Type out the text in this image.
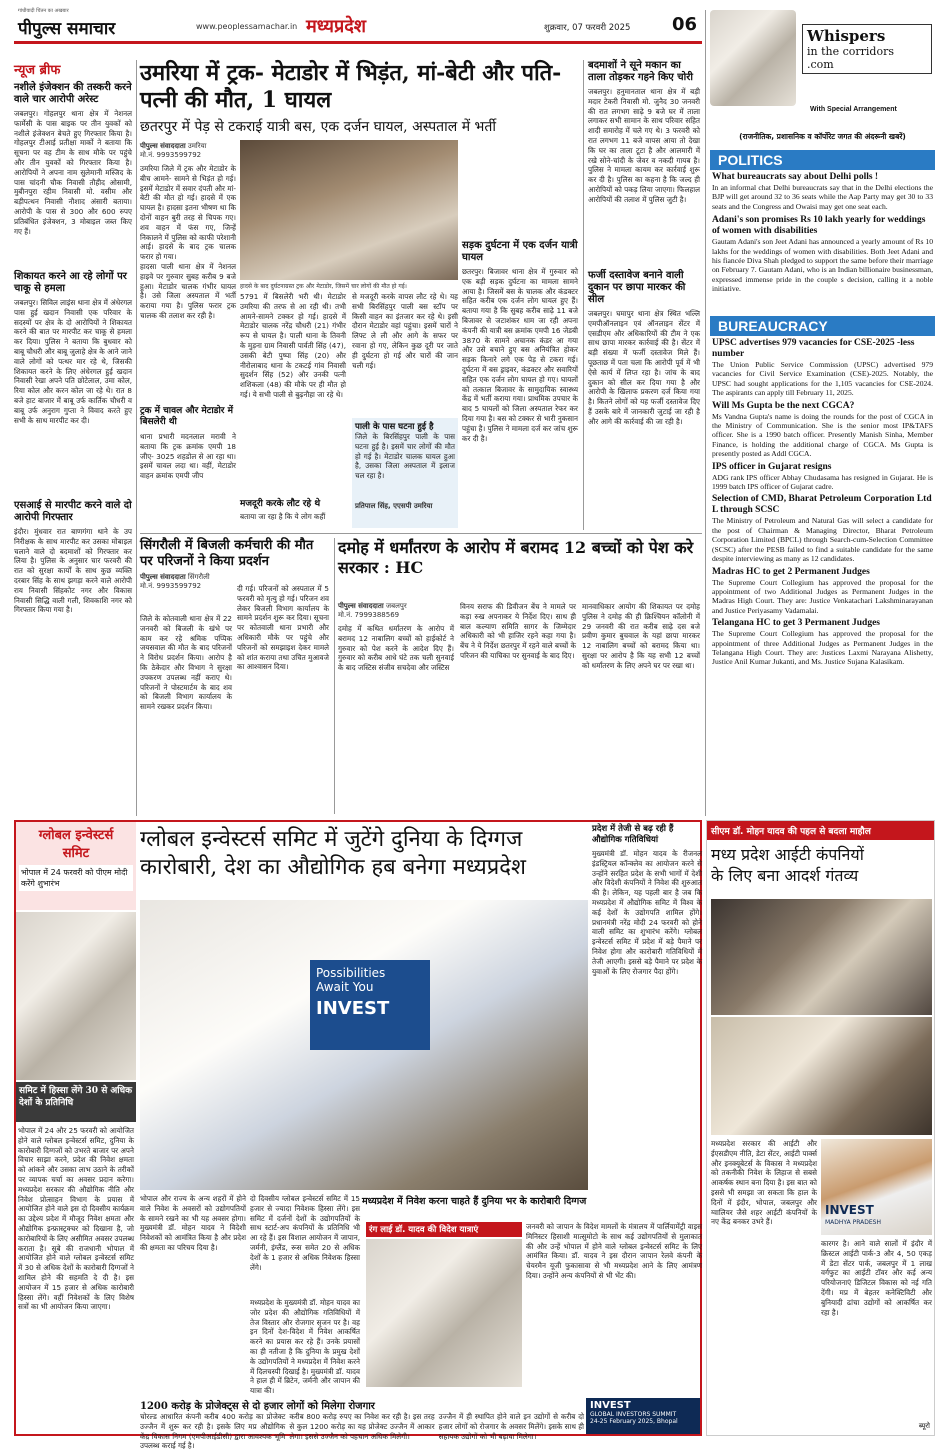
गांधीवादी चिंतन का अखबार
पीपुल्स समाचार	www.peoplessamachar.in मध्यप्रदेश	शुक्रवार, 07 फरवरी 2025 06
न्यूज ब्रीफ
नशीले इंजेक्शन की तस्करी करने वाले चार आरोपी अरेस्ट
जबलपुर। गोहलपुर थाना क्षेत्र में नेशनल फार्मेसी के पास बाइक पर तीन युवकों को नशीले इंजेक्शन बेचते हुए गिरफ्तार किया है। गोहलपुर टीआई प्रतीक्षा मार्को ने बताया कि सूचना पर वह टीम के साथ मौके पर पहुंचे और तीन युवकों को गिरफ्तार किया है। आरोपियों ने अपना नाम सुलेमानी मस्जिद के पास चांदनी चौक निवासी तौहीद ओसामी, मुबीनपुरा रहीम निवासी मो. वसीम और बड़ीपत्थन निवासी नौशाद अंसारी बताया। आरोपी के पास से 300 और 600 रुपए प्रतिबंधित इंजेक्शन, 3 मोबाइल जब्त किए गए हैं।
शिकायत करने आ रहे लोगों पर चाकू से हमला
जबलपुर। सिविल लाइंस थाना क्षेत्र में अंधेरगल पास हुई खदान निवासी एक परिवार के सदस्यों पर क्षेत्र के दो आरोपियों ने शिकायत करने की बात पर मारपीट कर चाकू से हमला कर दिया। पुलिस ने बताया कि बुधवार को बाबू चौधरी और बाबू जुलाहे क्षेत्र के आने जाने वाले लोगों को पत्थर मार रहे थे, जिसकी शिकायत करने के लिए अंधेरगल हुई खदान निवासी रेखा अपने पति छोटेलाल, उमा कोल, रिया कोल और करन कोल जा रहे थे। रात 8 बजे हाट बाजार में बाबू उर्फ कार्तिक चौधरी व बाबू उर्फ अनुराग गुप्ता ने विवाद करते हुए सभी के साथ मारपीट कर दी।
एसआई से मारपीट करने वाले दो आरोपी गिरफ्तार
इंदौर। मुंधवार रात बाणगंगा थाने के उप निरीक्षक के साथ मारपीट कर उसका मोबाइल चलाने वाले दो बदमाशों को गिरफ्तार कर लिया है। पुलिस के अनुसार चार फरवरी की रात को सुरक्षा कार्यों के साथ कुछ व्यक्ति दरबार सिंह के साथ झगड़ा करने वाले आरोपी राय निवासी सिंहकोट नगर और विकास निवासी सिद्धि वाली गली, शिवकाशि नगर को गिरफ्तार किया गया है।
उमरिया में ट्रक- मेटाडोर में भिड़ंत, मां-बेटी और पति-पत्नी की मौत, 1 घायल
छतरपुर में पेड़ से टकराई यात्री बस, एक दर्जन घायल, अस्पताल में भर्ती
हादसे के बाद दुर्घटनाग्रस्त ट्रक और मेटाडोर, जिसमें चार लोगों की मौत हो गई।
पीपुल्स संवाददाता उमरिया
मो.नं. 9993599792
उमरिया जिले में ट्रक और मेटाडोर के बीच आमने- सामने से भिड़ंत हो गई। इसमें मेटाडोर में सवार दंपती और मां-बेटी की मौत हो गई। हादसे में एक घायल है। हादसा इतना भीषण था कि दोनों वाहन बुरी तरह से चिपक गए। शव वाहन में फंस गए, जिन्हें निकालने में पुलिस को काफी परेशानी आई। हादसे के बाद ट्रक चालक फरार हो गया।
हादसा पाली थाना क्षेत्र में नेशनल हाइवे पर गुरुवार सुबह करीब 9 बजे हुआ। मेटाडोर चालक गंभीर घायल है। उसे जिला अस्पताल में भर्ती कराया गया है। पुलिस फरार ट्रक चालक की तलाश कर रही है।
ट्रक में चावल और मेटाडोर में बिसलेरी थी
थाना प्रभारी मदनलाल मरावी ने बताया कि ट्रक क्रमांक एमपी 18 जीए- 3025 शहडोल से आ रहा था। इसमें चावल लदा था। वहीं, मेटाडोर वाहन क्रमांक एमपी जीप
5791 में बिसलेरी भरी थी। मेटाडोर उमरिया की तरफ से आ रही थी। तभी आमने-सामने टक्कर हो गई। हादसे में मेटाडोर चालक नरेंद्र चौधरी (21) गंभीर रूप से घायल है। पाली थाना के तिवनी के मुड़ना ग्राम निवासी पार्वती सिंह (47), उसकी बेटी पुष्पा सिंह (20) और नीरोलाबाद थाना के टकटई गांव निवासी सुदर्शन सिंह (52) और उनकी पत्नी शशिकला (48) की मौके पर ही मौत हो गई। ये सभी पाली से बुढ़नौहा जा रहे थे।
मजदूरी करके लौट रहे थे
बताया जा रहा है कि ये लोग कहीं
से मजदूरी करके वापस लौट रहे थे। यह सभी बिरसिंहपुर पाली बस स्टॉप पर किसी वाहन का इंतजार कर रहे थे। इसी दौरान मेटाडोर वहां पहुंचा। इसमें चारों ने लिफ्ट ले ली और आगे के सफर पर रवाना हो गए, लेकिन कुछ दूरी पर जाते ही दुर्घटना हो गई और चारों की जान चली गई।
पाली के पास घटना हुई है
जिले के बिरसिंहपुर पाली के पास घटना हुई है। इसमें चार लोगों की मौत हो गई है। मेटाडोर चालक घायल हुआ है, उसका जिला अस्पताल में इलाज चल रहा है।
प्रतिपाल सिंह, एएसपी उमरिया
सड़क दुर्घटना में एक दर्जन यात्री घायल
छतरपुर। बिजावर थाना क्षेत्र में गुरुवार को एक बड़ी सड़क दुर्घटना का मामला सामने आया है। जिसमें बस के चालक और कंडक्टर सहित करीब एक दर्जन लोग घायल हुए हैं। बताया गया है कि सुबह करीब साढ़े 11 बजे बिजावर से जटाशंकर धाम जा रही अपना कंपनी की यात्री बस क्रमांक एमपी 16 जेडबी 3870 के सामने अचानक कंडर आ गया और उसे बचाने हुए बस अनियंत्रित होकर सड़क किनारे लगे एक पेड़ से टकरा गई। दुर्घटना में बस ड्राइवर, कंडक्टर और सवारियों सहित एक दर्जन लोग घायल हो गए। घायलों को तत्काल बिजावर के सामुदायिक स्वास्थ्य केंद्र में भर्ती कराया गया। प्राथमिक उपचार के बाद 5 घायलों को जिला अस्पताल रेफर कर दिया गया है। बस को टक्कर से भारी नुकसान पहुंचा है। पुलिस ने मामला दर्ज कर जांच शुरू कर दी है।
बदमाशों ने सूने मकान का ताला तोड़कर गहने किए चोरी
जबलपुर। हनुमानताल थाना क्षेत्र में बड़ी मदार टेकरी निवासी मो. जुनैद 30 जनवरी की रात लगभग साढ़े 9 बजे घर में ताला लगाकर सभी सामान के साथ परिवार सहित शादी समारोह में चले गए थे। 3 फरवरी को रात लगभग 11 बजे वापस आया तो देखा कि घर का ताला टूटा है और आलमारी में रखे सोने-चांदी के जेवर व नकदी गायब है। पुलिस ने मामला कायम कर कार्रवाई शुरू कर दी है। पुलिस का कहना है कि जल्द ही आरोपियों को पकड़ लिया जाएगा। फिलहाल आरोपियों की तलाश में पुलिस जुटी है।
फर्जी दस्तावेज बनाने वाली दुकान पर छापा मारकर की सील
जबलपुर। घमापुर थाना क्षेत्र स्थित भल्लि एमपीऑनलाइन एवं ऑनलाइन सेंटर में एसडीएम और अधिकारियों की टीम ने एक साथ छापा मारकर कार्रवाई की है। सेंटर में बड़ी संख्या में फर्जी दस्तावेज मिले हैं। पूछताछ में पता चला कि आरोपी पूर्व में भी ऐसे कार्य में लिप्त रहा है। जांच के बाद दुकान को सील कर दिया गया है और आरोपी के खिलाफ प्रकरण दर्ज किया गया है। कितने लोगों को यह फर्जी दस्तावेज दिए हैं उसके बारे में जानकारी जुटाई जा रही है और आगे की कार्रवाई की जा रही है।
सिंगरौली में बिजली कर्मचारी की मौत पर परिजनों ने किया प्रदर्शन
पीपुल्स संवाददाता सिंगरौली
मो.नं. 9993599792
जिले के कोतवाली थाना क्षेत्र में 22 जनवरी को बिजली के खंभे पर काम कर रहे श्रमिक पप्पिक जयसवाल की मौत के बाद परिजनों ने विरोध प्रदर्शन किया। आरोप है कि ठेकेदार और विभाग ने सुरक्षा उपकरण उपलब्ध नहीं कराए थे। परिजनों ने पोस्टमार्टम के बाद शव को बिजली विभाग कार्यालय के सामने रखकर प्रदर्शन किया।
दी गई। परिजनों को अस्पताल में 5 फरवरी को मृत्यु हो गई। परिजन शव लेकर बिजली विभाग कार्यालय के सामने प्रदर्शन शुरू कर दिया। सूचना पर कोतवाली थाना प्रभारी और अधिकारी मौके पर पहुंचे और परिजनों को समझाइश देकर मामले को शांत कराया तथा उचित मुआवजे का आश्वासन दिया।
दमोह में धर्मांतरण के आरोप में बरामद 12 बच्चों को पेश करे सरकार : HC
पीपुल्स संवाददाता जबलपुर
मो.नं. 7999388569
दमोह में कथित धर्मांतरण के आरोप में बरामद 12 नाबालिग बच्चों को हाईकोर्ट ने गुरुवार को पेश करने के आदेश दिए हैं। गुरुवार को करीब आधे घंटे तक चली सुनवाई के बाद जस्टिस संजीव सचदेवा और जस्टिस
विनय सराफ की डिवीजन बेंच ने मामले पर कड़ा रुख अपनाकर ये निर्देश दिए। साथ ही बाल कल्याण समिति सागर के जिम्मेदार अधिकारी को भी हाजिर रहने कहा गया है। बेंच ने ये निर्देश छतरपुर में रहने वाले बच्चों के परिजन की याचिका पर सुनवाई के बाद दिए।
मानवाधिकार आयोग की शिकायत पर दमोह पुलिस ने दमोह की ही क्रिश्चियन कॉलोनी में 29 जनवरी की रात करीब साढ़े दस बजे प्रवीण कुमार बुचवाल के यहां छापा मारकर 12 नाबालिग बच्चों को बरामद किया था। सुरक्षा पर आरोप है कि यह सभी 12 बच्चों को धर्मांतरण के लिए अपने घर पर रखा था।
Whispers
in the corridors
.com
With Special Arrangement
(राजनीतिक, प्रशासनिक व कॉर्पोरेट जगत की अंदरूनी खबरें)
POLITICS
What bureaucrats say about Delhi polls !
In an informal chat Delhi bureaucrats say that in the Delhi elections the BJP will get around 32 to 36 seats while the Aap Party may get 30 to 33 seats and the Congress and Owaisi may get one seat each.
Adani's son promises Rs 10 lakh yearly for weddings of women with disabilities
Gautam Adani's son Jeet Adani has announced a yearly amount of Rs 10 lakhs for the weddings of women with disabilities. Both Jeet Adani and his fiancée Diva Shah pledged to support the same before their marriage on February 7. Gautam Adani, who is an Indian billionaire businessman, expressed immense pride in the couple s decision, calling it a noble initiative.
BUREAUCRACY
UPSC advertises 979 vacancies for CSE-2025 -less number
The Union Public Service Commission (UPSC) advertised 979 vacancies for Civil Service Examination (CSE)-2025. Notably, the UPSC had sought applications for the 1,105 vacancies for CSE-2024. The aspirants can apply till February 11, 2025.
Will Ms Gupta be the next CGCA?
Ms Vandna Gupta's name is doing the rounds for the post of CGCA in the Ministry of Communication. She is the senior most IP&TAFS officer. She is a 1990 batch officer. Presently Manish Sinha, Member Finance, is holding the additional charge of CGCA. Ms Gupta is presently posted as Addl CGCA.
IPS officer in Gujarat resigns
ADG rank IPS officer Abhay Chudasama has resigned in Gujarat. He is 1999 batch IPS officer of Gujarat cadre.
Selection of CMD, Bharat Petroleum Corporation Ltd L through SCSC
The Ministry of Petroleum and Natural Gas will select a candidate for the post of Chairman & Managing Director, Bharat Petroleum Corporation Limited (BPCL) through Search-cum-Selection Committee (SCSC) after the PESB failed to find a suitable candidate for the same despite interviewing as many as 12 candidates.
Madras HC to get 2 Permanent Judges
The Supreme Court Collegium has approved the proposal for the appointment of two Additional Judges as Permanent Judges in the Madras High Court. They are: Justice Venkatachari Lakshminarayanan and Justice Periyasamy Vadamalai.
Telangana HC to get 3 Permanent Judges
The Supreme Court Collegium has approved the proposal for the appointment of three Additional Judges as Permanent Judges in the Telangana High Court. They are: Justices Laxmi Narayana Alishetty, Justice Anil Kumar Jukanti, and Ms. Justice Sujana Kalasikam.
ग्लोबल इन्वेस्टर्स
समिट
भोपाल में 24 फरवरी को पीएम मोदी करेंगे शुभारंभ
समिट में हिस्सा लेंगे 30 से अधिक देशों के प्रतिनिधि
भोपाल में 24 और 25 फरवरी को आयोजित होने वाले ग्लोबल इन्वेस्टर्स समिट, दुनिया के कारोबारी दिग्गजों को उभरते बाजार पर अपने विचार साझा करने, प्रदेश की निवेश क्षमता को आंकने और उसका लाभ उठाने के तरीकों पर व्यापक चर्चा का अवसर प्रदान करेगा। मध्यप्रदेश सरकार की औद्योगिक नीति और निवेश प्रोत्साहन विभाग के प्रयास में आयोजित होने वाले इस दो दिवसीय कार्यक्रम का उद्देश्य प्रदेश में मौजूद निवेश क्षमता और औद्योगिक इन्फ्रास्ट्रक्चर को दिखाना है, जो कारोबारियों के लिए असीमित अवसर उपलब्ध कराता है। सूबे की राजधानी भोपाल में आयोजित होने वाले ग्लोबल इन्वेस्टर्स समिट में 30 से अधिक देशों के कारोबारी दिग्गजों ने शामिल होने की सहमति दे दी है। इस आयोजन में 15 हजार से अधिक कारोबारी हिस्सा लेंगे। वहीं निवेशकों के लिए विशेष सत्रों का भी आयोजन किया जाएगा।
ग्लोबल इन्वेस्टर्स समिट में जुटेंगे दुनिया के दिग्गज
कारोबारी, देश का औद्योगिक हब बनेगा मध्यप्रदेश
Possibilities
Await You
INVEST
प्रदेश में तेजी से बढ़ रही हैं औद्योगिक गतिविधियां
मुख्यमंत्री डॉ. मोहन यादव के रीजनल इंडस्ट्रियल कॉन्क्लेव का आयोजन करने से उन्होंने सरहित प्रदेश के सभी भागों में देशी और विदेशी कंपनियों ने निवेश की शुरुआत की है। लेकिन, यह पहली बार है जब कि मध्यप्रदेश में औद्योगिक समिट में विश्व के कई देशों के उद्योगपति शामिल होंगे। प्रधानमंत्री नरेंद्र मोदी 24 फरवरी को होने वाली समिट का शुभारंभ करेंगे। ग्लोबल इन्वेस्टर्स समिट में प्रदेश में बड़े पैमाने पर निवेश होगा और कारोबारी गतिविधियों में तेजी आएगी। इससे बड़े पैमाने पर प्रदेश के युवाओं के लिए रोजगार पैदा होंगे।
भोपाल और राज्य के अन्य शहरों में होने वाले निवेश के अवसरों को उद्योगपतियों के सामने रखने का भी यह अवसर होगा। मुख्यमंत्री डॉ. मोहन यादव ने विदेशी निवेशकों को आमंत्रित किया है और प्रदेश की क्षमता का परिचय दिया है।
दो दिवसीय ग्लोबल इन्वेस्टर्स समिट में 15 हजार से ज्यादा निवेशक हिस्सा लेंगे। इस समिट में दर्जनों देशों के उद्योगपतियों के साथ स्टार्ट-अप कंपनियों के प्रतिनिधि भी आ रहे हैं। इस विशाल आयोजन में जापान, जर्मनी, इंग्लैंड, रूस समेत 20 से अधिक देशों के 1 हजार से अधिक निवेशक हिस्सा लेंगे।
मध्यप्रदेश में निवेश करना चाहते हैं दुनिया भर के कारोबारी दिग्गज
मध्यप्रदेश के मुख्यमंत्री डॉ. मोहन यादव का जोर प्रदेश की औद्योगिक गतिविधियों में तेज विस्तार और रोजगार सृजन पर है। वह इन दिनों देश-विदेश में निवेश आकर्षित करने का प्रयास कर रहे हैं। उनके प्रयासों का ही नतीजा है कि दुनिया के प्रमुख देशों के उद्योगपतियों ने मध्यप्रदेश में निवेश करने में दिलचस्पी दिखाई है। मुख्यमंत्री डॉ. यादव ने हाल ही में ब्रिटेन, जर्मनी और जापान की यात्रा की।
रंग लाई डॉ. यादव की विदेश यात्राएं	जनवरी को जापान के विदेश मामलों के मंत्रालय में पार्लियामेंट्री वाइस मिनिस्टर हिसाशी मात्सुमोटो के साथ कई उद्योगपतियों से मुलाकात की और उन्हें भोपाल में होने वाले ग्लोबल इन्वेस्टर्स समिट के लिए आमंत्रित किया। डॉ. यादव ने इस दौरान जापान रेलवे कंपनी के चेयरमैन यूजी फुकासावा से भी मध्यप्रदेश आने के लिए आमंत्रण दिया। उन्होंने अन्य कंपनियों से भी भेंट की।
1200 करोड़ के प्रोजेक्ट्स से दो हजार लोगों को मिलेगा रोजगार
चोरल्ड आधारित कंपनी करीब 400 करोड़ का प्रोजेक्ट उज्जैन में शुरू कर रही है। इसके लिए मप्र औद्योगिक केंद्र विकास निगम (एमपीआईडीसी) द्वारा आवश्यक भूमि उपलब्ध कराई गई है।
करीब 800 करोड़ रुपए का निवेश कर रही है। इस तरह से कुल 1200 करोड़ का यह प्रोजेक्ट उज्जैन में आकार लेगा। इससे उज्जैन को पहचान अधिक मिलेगी।
उज्जैन में ही स्थापित होने वाले इन उद्योगों से करीब दो हजार लोगों को रोजगार के अवसर मिलेंगे। इसके साथ ही सहायक उद्योगों को भी बढ़ावा मिलेगा।
INVEST
GLOBAL INVESTORS SUMMIT
24-25 February 2025, Bhopal
सीएम डॉ. मोहन यादव की पहल से बदला माहौल
मध्य प्रदेश आईटी कंपनियों
के लिए बना आदर्श गंतव्य
मध्यप्रदेश सरकार की आईटी और ईएसडीएम नीति, डेटा सेंटर, आईटी पार्क्स और इनक्यूबेटर्स के विकास ने मध्यप्रदेश को तकनीकी निवेश के लिहाज से सबसे आकर्षक स्थान बना दिया है। इस बात को इससे भी समझा जा सकता कि हाल के दिनों में इंदौर, भोपाल, जबलपुर और ग्वालियर जैसे शहर आईटी कंपनियों के नए केंद्र बनकर उभरे हैं।
INVEST
MADHYA PRADESH
कारगर है। आने वाले सालों में इंदौर में क्रिस्टल आईटी पार्क-3 और 4, 50 एकड़ में डेटा सेंटर पार्क, जबलपुर में 1 लाख वर्गफुट का आईटी टॉवर और कई अन्य परियोजनाएं डिजिटल विकास को नई गति देंगी। मप्र में बेहतर कनेक्टिविटी और बुनियादी ढांचा उद्योगों को आकर्षित कर रहा है।
ब्यूरो
